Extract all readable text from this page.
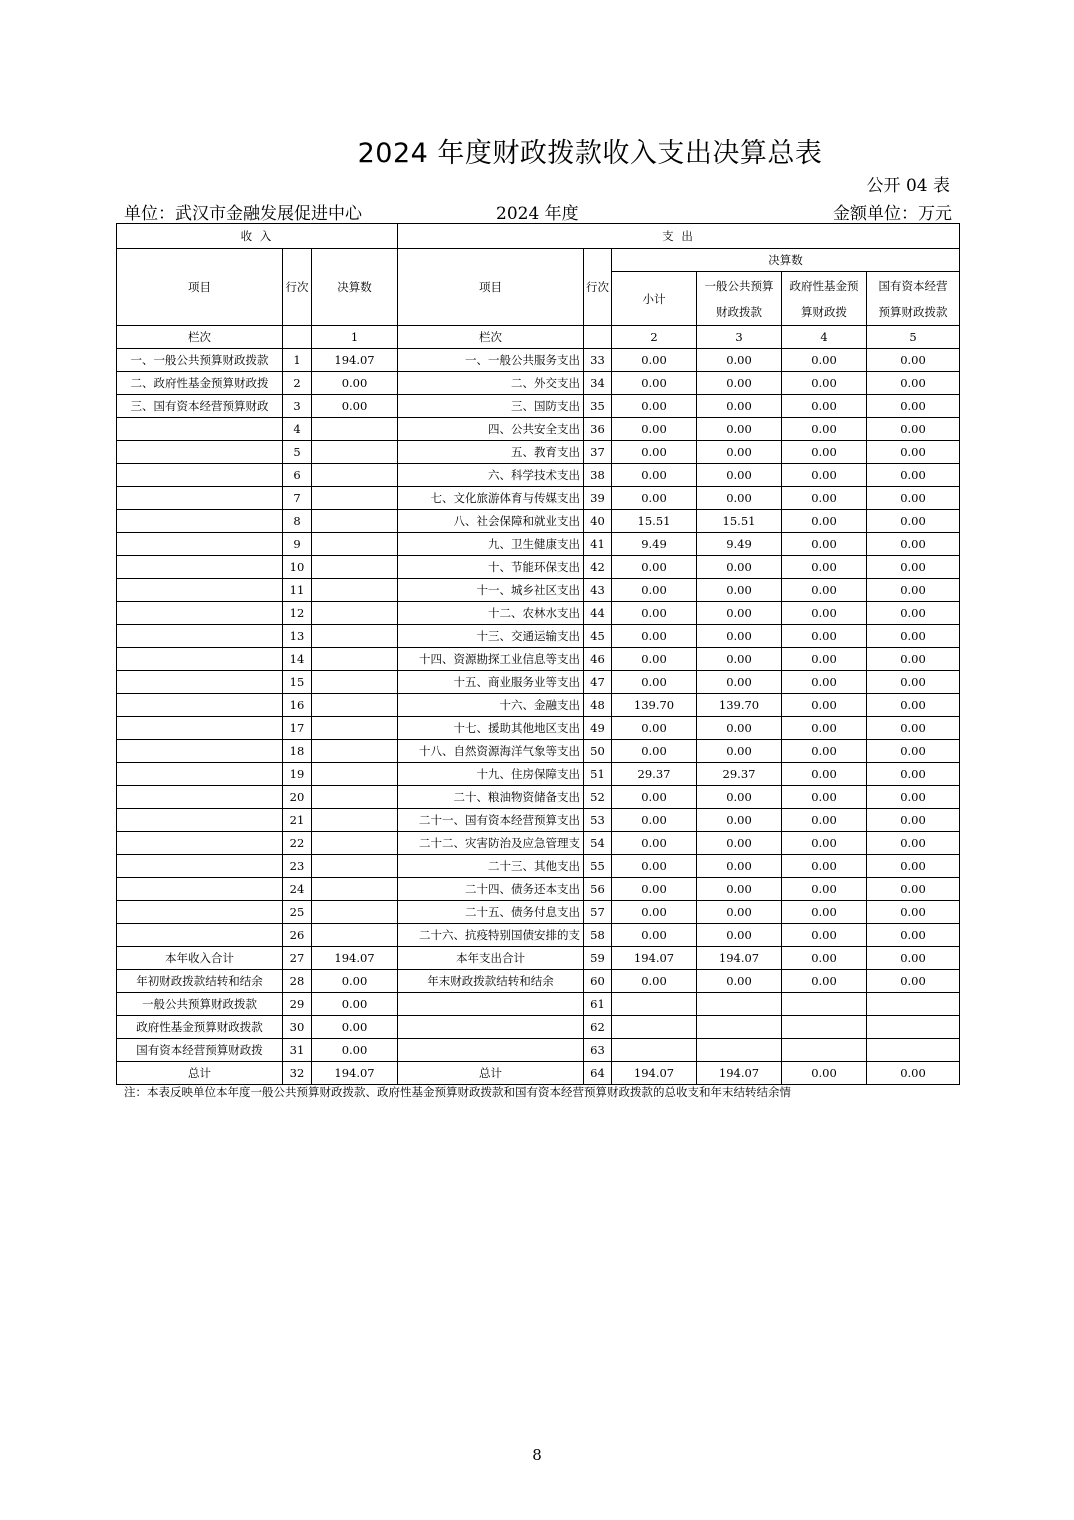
2024 年度财政拨款收入支出决算总表
公开 04 表
单位：武汉市金融发展促进中心	2024 年度	金额单位：万元
收 入			支 出					
项目	行次	决算数	项目	行次	决算数			
					小计	一般公共预算财政拨款	政府性基金预算财政拨	国有资本经营预算财政拨款
栏次		1	栏次		2	3	4	5
一、一般公共预算财政拨款	1	194.07	一、一般公共服务支出	33	0.00	0.00	0.00	0.00
二、政府性基金预算财政拨	2	0.00	二、外交支出	34	0.00	0.00	0.00	0.00
三、国有资本经营预算财政	3	0.00	三、国防支出	35	0.00	0.00	0.00	0.00
	4		四、公共安全支出	36	0.00	0.00	0.00	0.00
	5		五、教育支出	37	0.00	0.00	0.00	0.00
	6		六、科学技术支出	38	0.00	0.00	0.00	0.00
	7		七、文化旅游体育与传媒支出	39	0.00	0.00	0.00	0.00
	8		八、社会保障和就业支出	40	15.51	15.51	0.00	0.00
	9		九、卫生健康支出	41	9.49	9.49	0.00	0.00
	10		十、节能环保支出	42	0.00	0.00	0.00	0.00
	11		十一、城乡社区支出	43	0.00	0.00	0.00	0.00
	12		十二、农林水支出	44	0.00	0.00	0.00	0.00
	13		十三、交通运输支出	45	0.00	0.00	0.00	0.00
	14		十四、资源勘探工业信息等支出	46	0.00	0.00	0.00	0.00
	15		十五、商业服务业等支出	47	0.00	0.00	0.00	0.00
	16		十六、金融支出	48	139.70	139.70	0.00	0.00
	17		十七、援助其他地区支出	49	0.00	0.00	0.00	0.00
	18		十八、自然资源海洋气象等支出	50	0.00	0.00	0.00	0.00
	19		十九、住房保障支出	51	29.37	29.37	0.00	0.00
	20		二十、粮油物资储备支出	52	0.00	0.00	0.00	0.00
	21		二十一、国有资本经营预算支出	53	0.00	0.00	0.00	0.00
	22		二十二、灾害防治及应急管理支	54	0.00	0.00	0.00	0.00
	23		二十三、其他支出	55	0.00	0.00	0.00	0.00
	24		二十四、债务还本支出	56	0.00	0.00	0.00	0.00
	25		二十五、债务付息支出	57	0.00	0.00	0.00	0.00
	26		二十六、抗疫特别国债安排的支	58	0.00	0.00	0.00	0.00
本年收入合计	27	194.07	本年支出合计	59	194.07	194.07	0.00	0.00
年初财政拨款结转和结余	28	0.00	年末财政拨款结转和结余	60	0.00	0.00	0.00	0.00
一般公共预算财政拨款	29	0.00		61				
政府性基金预算财政拨款	30	0.00		62				
国有资本经营预算财政拨	31	0.00		63				
总计	32	194.07	总计	64	194.07	194.07	0.00	0.00
注：本表反映单位本年度一般公共预算财政拨款、政府性基金预算财政拨款和国有资本经营预算财政拨款的总收支和年末结转结余情
8
